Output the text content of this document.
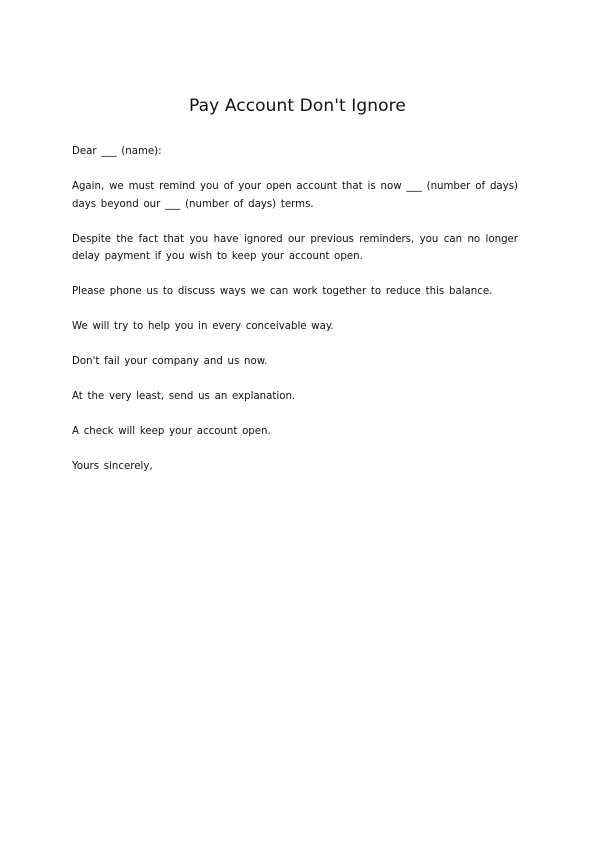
Pay Account Don't Ignore

Dear ___ (name):

Again, we must remind you of your open account that is now ___ (number of days) days beyond our ___ (number of days) terms.

Despite the fact that you have ignored our previous reminders, you can no longer delay payment if you wish to keep your account open.

Please phone us to discuss ways we can work together to reduce this balance.

We will try to help you in every conceivable way.

Don't fail your company and us now.

At the very least, send us an explanation.

A check will keep your account open.

Yours sincerely,
